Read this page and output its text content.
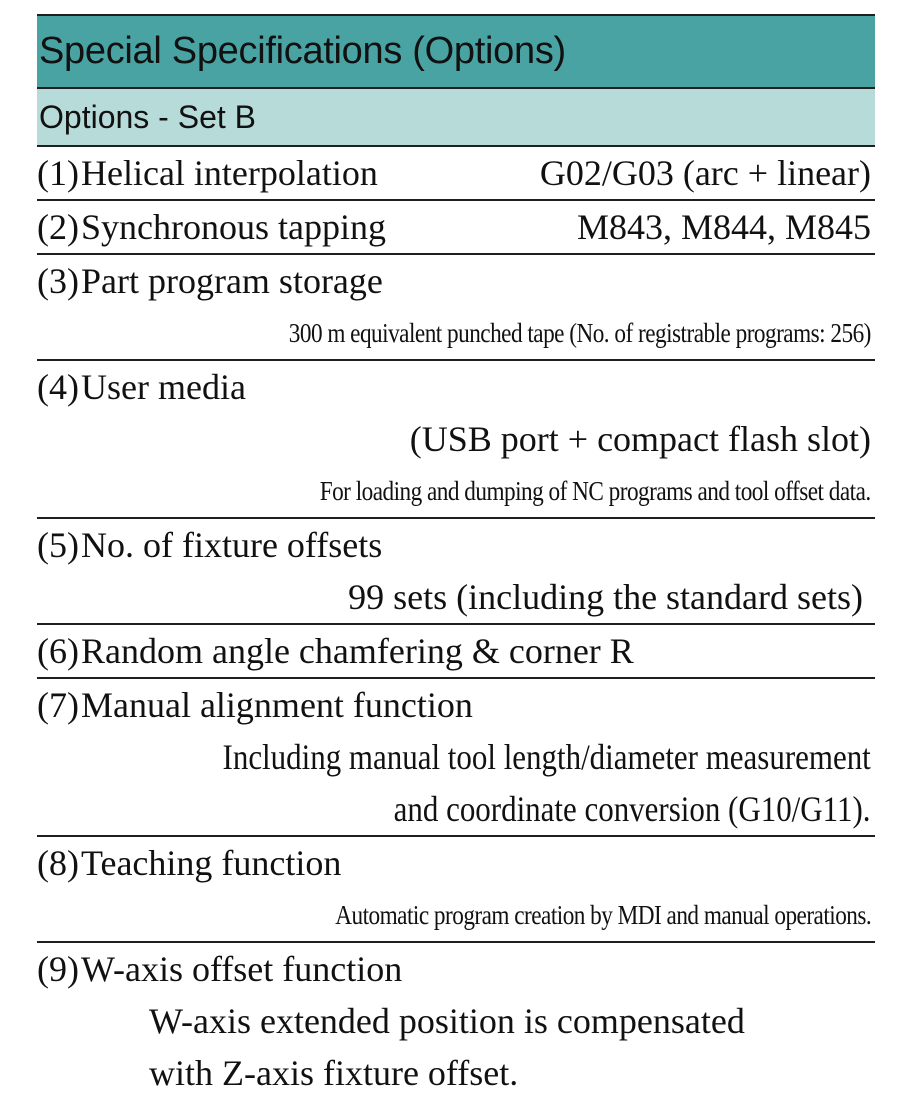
Special Specifications (Options)
Options - Set B
(1) Helical interpolation	G02/G03 (arc + linear)
(2) Synchronous tapping	M843, M844, M845
(3) Part program storage
300 m equivalent punched tape (No. of registrable programs: 256)
(4) User media
(USB port + compact flash slot)
For loading and dumping of NC programs and tool offset data.
(5) No. of fixture offsets
99 sets (including the standard sets)
(6) Random angle chamfering & corner R
(7) Manual alignment function
Including manual tool length/diameter measurement
and coordinate conversion (G10/G11).
(8) Teaching function
Automatic program creation by MDI and manual operations.
(9) W-axis offset function
W-axis extended position is compensated
with Z-axis fixture offset.
